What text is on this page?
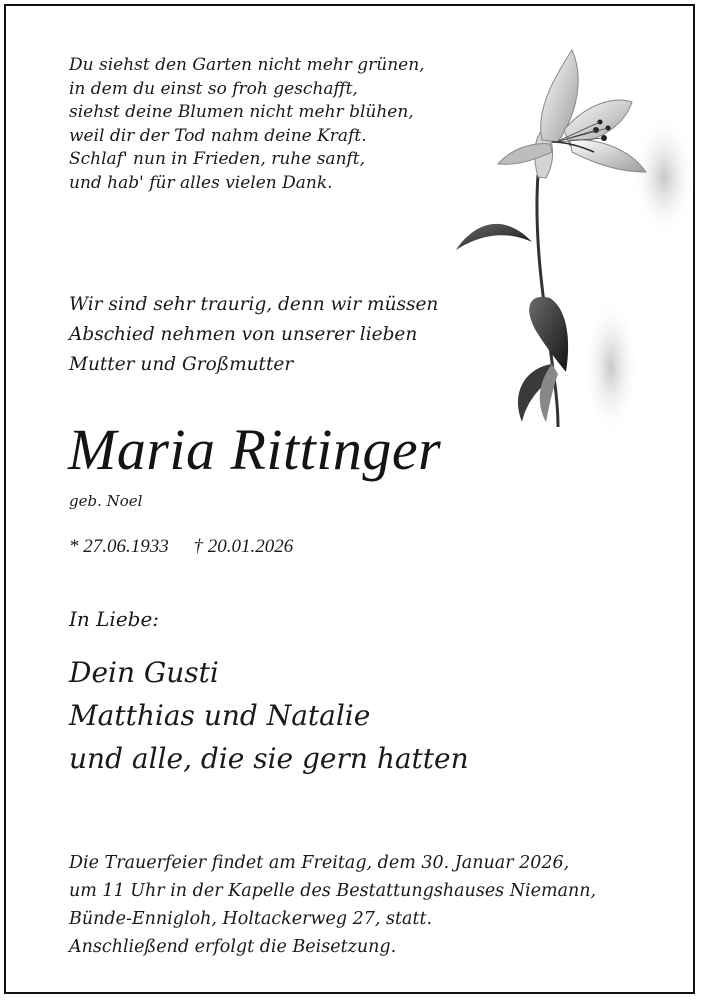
Du siehst den Garten nicht mehr grünen,
in dem du einst so froh geschafft,
siehst deine Blumen nicht mehr blühen,
weil dir der Tod nahm deine Kraft.
Schlaf' nun in Frieden, ruhe sanft,
und hab' für alles vielen Dank.
Wir sind sehr traurig, denn wir müssen
Abschied nehmen von unserer lieben
Mutter und Großmutter
Maria Rittinger
geb. Noel
* 27.06.1933 † 20.01.2026
In Liebe:
Dein Gusti
Matthias und Natalie
und alle, die sie gern hatten
Die Trauerfeier findet am Freitag, dem 30. Januar 2026,
um 11 Uhr in der Kapelle des Bestattungshauses Niemann,
Bünde-Ennigloh, Holtackerweg 27, statt.
Anschließend erfolgt die Beisetzung.
